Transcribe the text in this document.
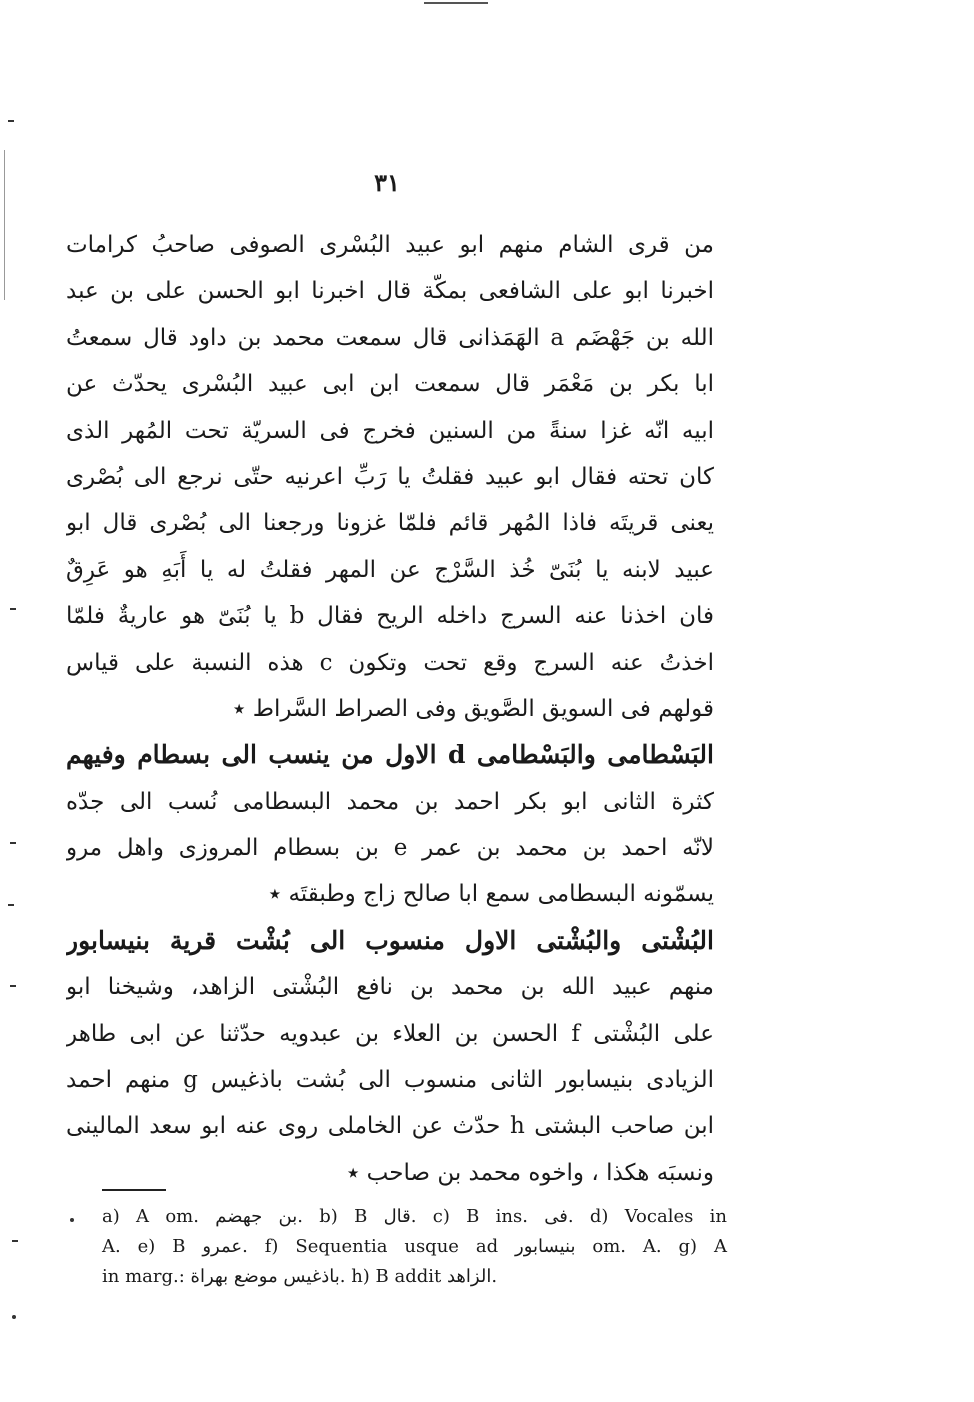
٣١
من قرى الشام منهم ابو عبيد البُسْرى الصوفى صاحبُ كرامات
اخبرنا ابو على الشافعى بمكّة قال اخبرنا ابو الحسن على بن عبد
الله بن جَهْضَم a الهَمَذانى قال سمعت محمد بن داود قال سمعتُ
ابا بكر بن مَعْمَر قال سمعت ابن ابى عبيد البُسْرى يحدّث عن
ابيه انّه غزا سنةً من السنين فخرج فى السريّة تحت المُهر الذى
كان تحته فقال ابو عبيد فقلتُ يا رَبِّ اعرنيه حتّى نرجع الى بُصْرى
يعنى قريتَه فاذا المُهر قائم فلمّا غزونا ورجعنا الى بُصْرى قال ابو
عبيد لابنه يا بُنَىّ خُذ السَّرْج عن المهر فقلتُ له يا أَبَهِ هو عَرِقٌ
فان اخذنا عنه السرج داخله الريح فقال b يا بُنَىّ هو عاريةٌ فلمّا
اخذتُ عنه السرج وقع تحت وتكون c هذه النسبة على قياس
قولهم فى السويق الصَّويق وفى الصراط السَّراط ٭
البَسْطامى والبَسْطامى d الاول من ينسب الى بسطام وفيهم
كثرة الثانى ابو بكر احمد بن محمد البسطامى نُسب الى جدّه
لانّه احمد بن محمد بن عمر e بن بسطام المروزى واهل مرو
يسمّونه البسطامى سمع ابا صالح زاج وطبقتَه ٭
البُشْتى والبُشْتى الاول منسوب الى بُشْت قرية بنيسابور
منهم عبيد الله بن محمد بن نافع البُشْتى الزاهد، وشيخنا ابو
على البُشْتى f الحسن بن العلاء بن عبدويه حدّثنا عن ابى طاهر
الزيادى بنيسابور الثانى منسوب الى بُشت باذغيس g منهم احمد
ابن صاحب البشتى h حدّث عن الخاملى روى عنه ابو سعد المالينى
ونسبَه هكذا ، واخوه محمد بن صاحب ٭
a) A om. بن جهضم. b) B قال. c) B ins. فى. d) Vocales in
A. e) B عمرو. f) Sequentia usque ad بنيسابور om. A. g) A
in marg.: باذغيس موضع بهراة. h) B addit الزاهد.
